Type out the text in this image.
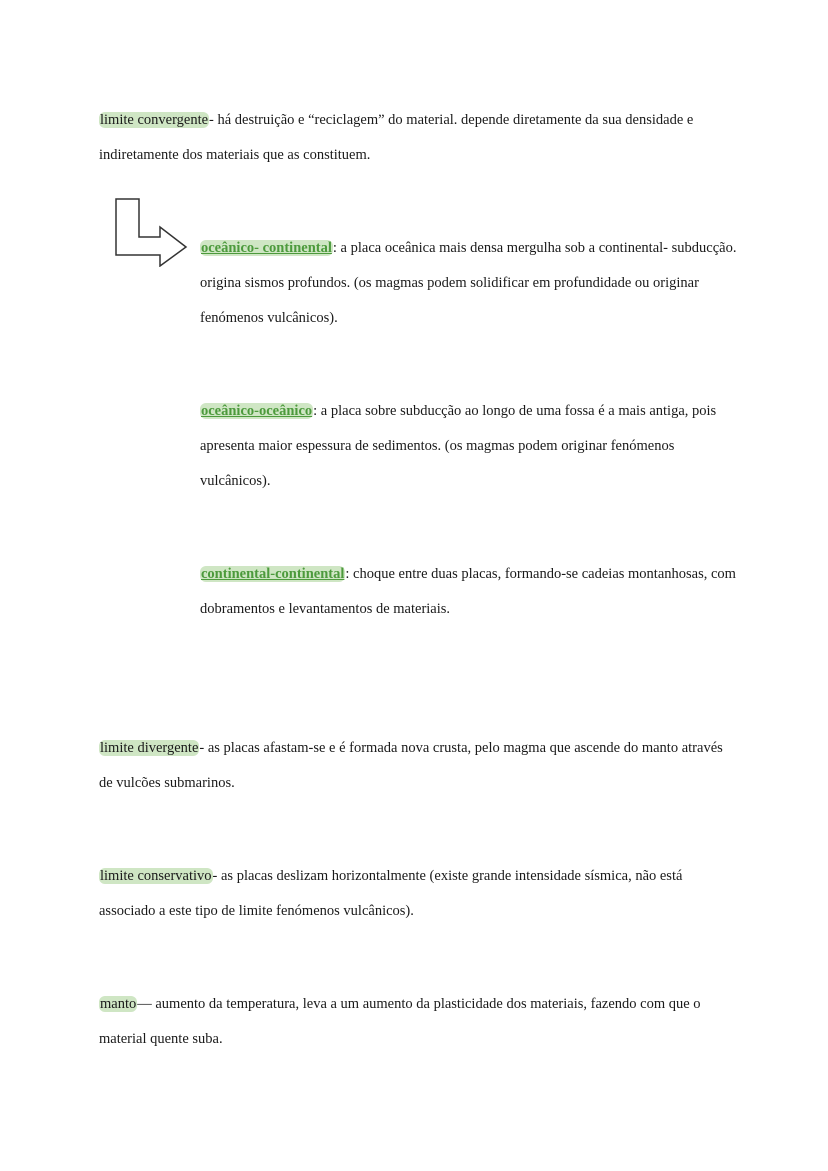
limite convergente- há destruição e “reciclagem” do material. depende diretamente da sua densidade e indiretamente dos materiais que as constituem.

oceânico- continental: a placa oceânica mais densa mergulha sob a continental- subducção. origina sismos profundos. (os magmas podem solidificar em profundidade ou originar fenómenos vulcânicos).

oceânico-oceânico: a placa sobre subducção ao longo de uma fossa é a mais antiga, pois apresenta maior espessura de sedimentos. (os magmas podem originar fenómenos vulcânicos).

continental-continental: choque entre duas placas, formando-se cadeias montanhosas, com dobramentos e levantamentos de materiais.

limite divergente- as placas afastam-se e é formada nova crusta, pelo magma que ascende do manto através de vulcões submarinos.

limite conservativo- as placas deslizam horizontalmente (existe grande intensidade sísmica, não está associado a este tipo de limite fenómenos vulcânicos).

manto— aumento da temperatura, leva a um aumento da plasticidade dos materiais, fazendo com que o material quente suba.
